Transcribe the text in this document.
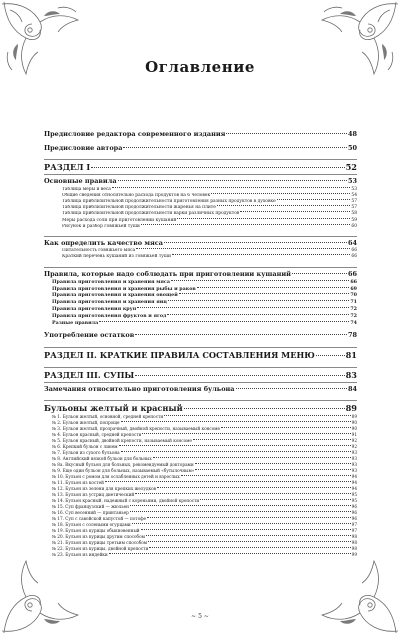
Оглавление
Предисловие редактора современного издания	48
Предисловие автора	50
РАЗДЕЛ I	52
Основные правила	53
Таблица меры и веса	53
Общие сведения относительно расхода продуктов на 6 человек	54
Таблица приблизительной продолжительности приготовления разных продуктов в духовке	57
Таблица приблизительной продолжительности жаренья на плите	57
Таблица приблизительной продолжительности варки различных продуктов	58
Меры расхода соли при приготовлении кушаний	59
Рисунок и разбор говяжьей туши	60
Как определить качество мяса	64
Питательность говяжьего мяса	66
Краткий перечень кушаний из говяжьей туши	66
Правила, которые надо соблюдать при приготовлении кушаний	66
Правила приготовления и хранения мяса	66
Правила приготовления и хранения рыбы и раков	69
Правила приготовления и хранения овощей	70
Правила приготовления и хранения яиц	71
Правила приготовления круп	72
Правила приготовления фруктов и ягод	72
Разные правила	74
Употребление остатков	78
РАЗДЕЛ II. КРАТКИЕ ПРАВИЛА СОСТАВЛЕНИЯ МЕНЮ	81
РАЗДЕЛ III. СУПЫ	83
Замечания относительно приготовления бульона	84
Бульоны желтый и красный	89
№ 1. Бульон желтый, основной, средней крепости	89
№ 2. Бульон желтый, попроще	90
№ 3. Бульон желтый, прозрачный, двойной крепости, называемый консоме	90
№ 4. Бульон красный, средней крепости	91
№ 5. Бульон красный, двойной крепости, называемый консоме	92
№ 6. Крепкий бульон с линем	92
№ 7. Бульон из сухого бульона	93
№ 8. Английский вязкой бульон для больных	93
№ 8а. Вкусный бульон для больных, рекомендуемый докторами	93
№ 9. Еще один бульон для больных, называемый «бутылочным»	93
№ 10. Бульон с ромом для ослабленных детей и взрослых	94
№ 11. Бульон из костей	94
№ 12. Бульон из зелени для крепких желудков	94
№ 13. Бульон из устриц диетический	95
№ 14. Бульон красный, надежный с кореньями, двойной крепости	95
№ 15. Суп французский — жюльен	96
№ 16. Суп весенний — принтаньер	96
№ 17. Суп с савойской капустой — потофе	96
№ 18. Бульон с солеными огурцами	97
№ 19. Бульон из курицы обыкновенный	97
№ 20. Бульон из курицы другим способом	98
№ 21. Бульон из курицы третьим способом	98
№ 22. Бульон из курицы, двойной крепости	98
№ 23. Бульон из индейки	99
~ 5 ~
